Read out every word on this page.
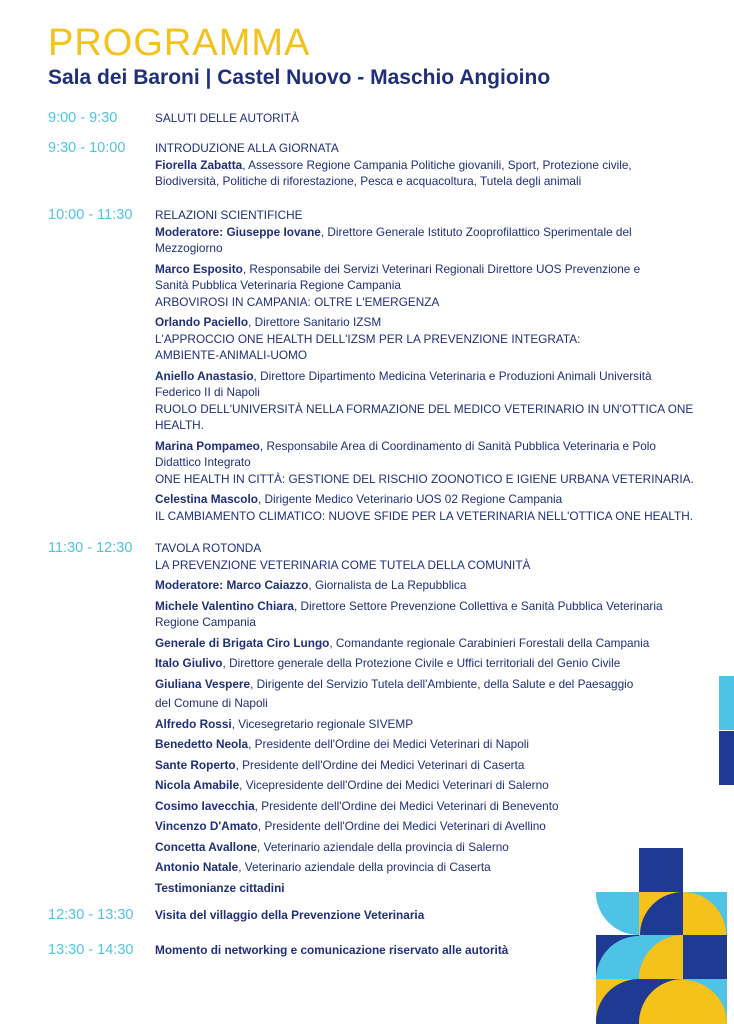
PROGRAMMA
Sala dei Baroni | Castel Nuovo - Maschio Angioino
9:00 - 9:30	SALUTI DELLE AUTORITÀ

9:30 - 10:00	INTRODUZIONE ALLA GIORNATA

Fiorella Zabatta, Assessore Regione Campania Politiche giovanili, Sport, Protezione civile,

Biodiversità, Politiche di riforestazione, Pesca e acquacoltura, Tutela degli animali

10:00 - 11:30	RELAZIONI SCIENTIFICHE

Moderatore: Giuseppe Iovane, Direttore Generale Istituto Zooprofilattico Sperimentale del

Mezzogiorno

Marco Esposito, Responsabile dei Servizi Veterinari Regionali Direttore UOS Prevenzione e

Sanità Pubblica Veterinaria Regione Campania

ARBOVIROSI IN CAMPANIA: OLTRE L'EMERGENZA

Orlando Paciello, Direttore Sanitario IZSM

L'APPROCCIO ONE HEALTH DELL'IZSM PER LA PREVENZIONE INTEGRATA:

AMBIENTE-ANIMALI-UOMO

Aniello Anastasio, Direttore Dipartimento Medicina Veterinaria e Produzioni Animali Università

Federico II di Napoli

RUOLO DELL'UNIVERSITÀ NELLA FORMAZIONE DEL MEDICO VETERINARIO IN UN'OTTICA ONE

HEALTH.

Marina Pompameo, Responsabile Area di Coordinamento di Sanità Pubblica Veterinaria e Polo

Didattico Integrato

ONE HEALTH IN CITTÀ: GESTIONE DEL RISCHIO ZOONOTICO E IGIENE URBANA VETERINARIA.

Celestina Mascolo, Dirigente Medico Veterinario UOS 02 Regione Campania

IL CAMBIAMENTO CLIMATICO: NUOVE SFIDE PER LA VETERINARIA NELL'OTTICA ONE HEALTH.

11:30 - 12:30	TAVOLA ROTONDA

LA PREVENZIONE VETERINARIA COME TUTELA DELLA COMUNITÀ

Moderatore: Marco Caiazzo, Giornalista de La Repubblica

Michele Valentino Chiara, Direttore Settore Prevenzione Collettiva e Sanità Pubblica Veterinaria

Regione Campania

Generale di Brigata Ciro Lungo, Comandante regionale Carabinieri Forestali della Campania

Italo Giulivo, Direttore generale della Protezione Civile e Uffici territoriali del Genio Civile

Giuliana Vespere, Dirigente del Servizio Tutela dell'Ambiente, della Salute e del Paesaggio

del Comune di Napoli

Alfredo Rossi, Vicesegretario regionale SIVEMP

Benedetto Neola, Presidente dell'Ordine dei Medici Veterinari di Napoli

Sante Roperto, Presidente dell'Ordine dei Medici Veterinari di Caserta

Nicola Amabile, Vicepresidente dell'Ordine dei Medici Veterinari di Salerno

Cosimo Iavecchia, Presidente dell'Ordine dei Medici Veterinari di Benevento

Vincenzo D'Amato, Presidente dell'Ordine dei Medici Veterinari di Avellino

Concetta Avallone, Veterinario aziendale della provincia di Salerno

Antonio Natale, Veterinario aziendale della provincia di Caserta

Testimonianze cittadini

12:30 - 13:30	Visita del villaggio della Prevenzione Veterinaria

13:30 - 14:30	Momento di networking e comunicazione riservato alle autorità
